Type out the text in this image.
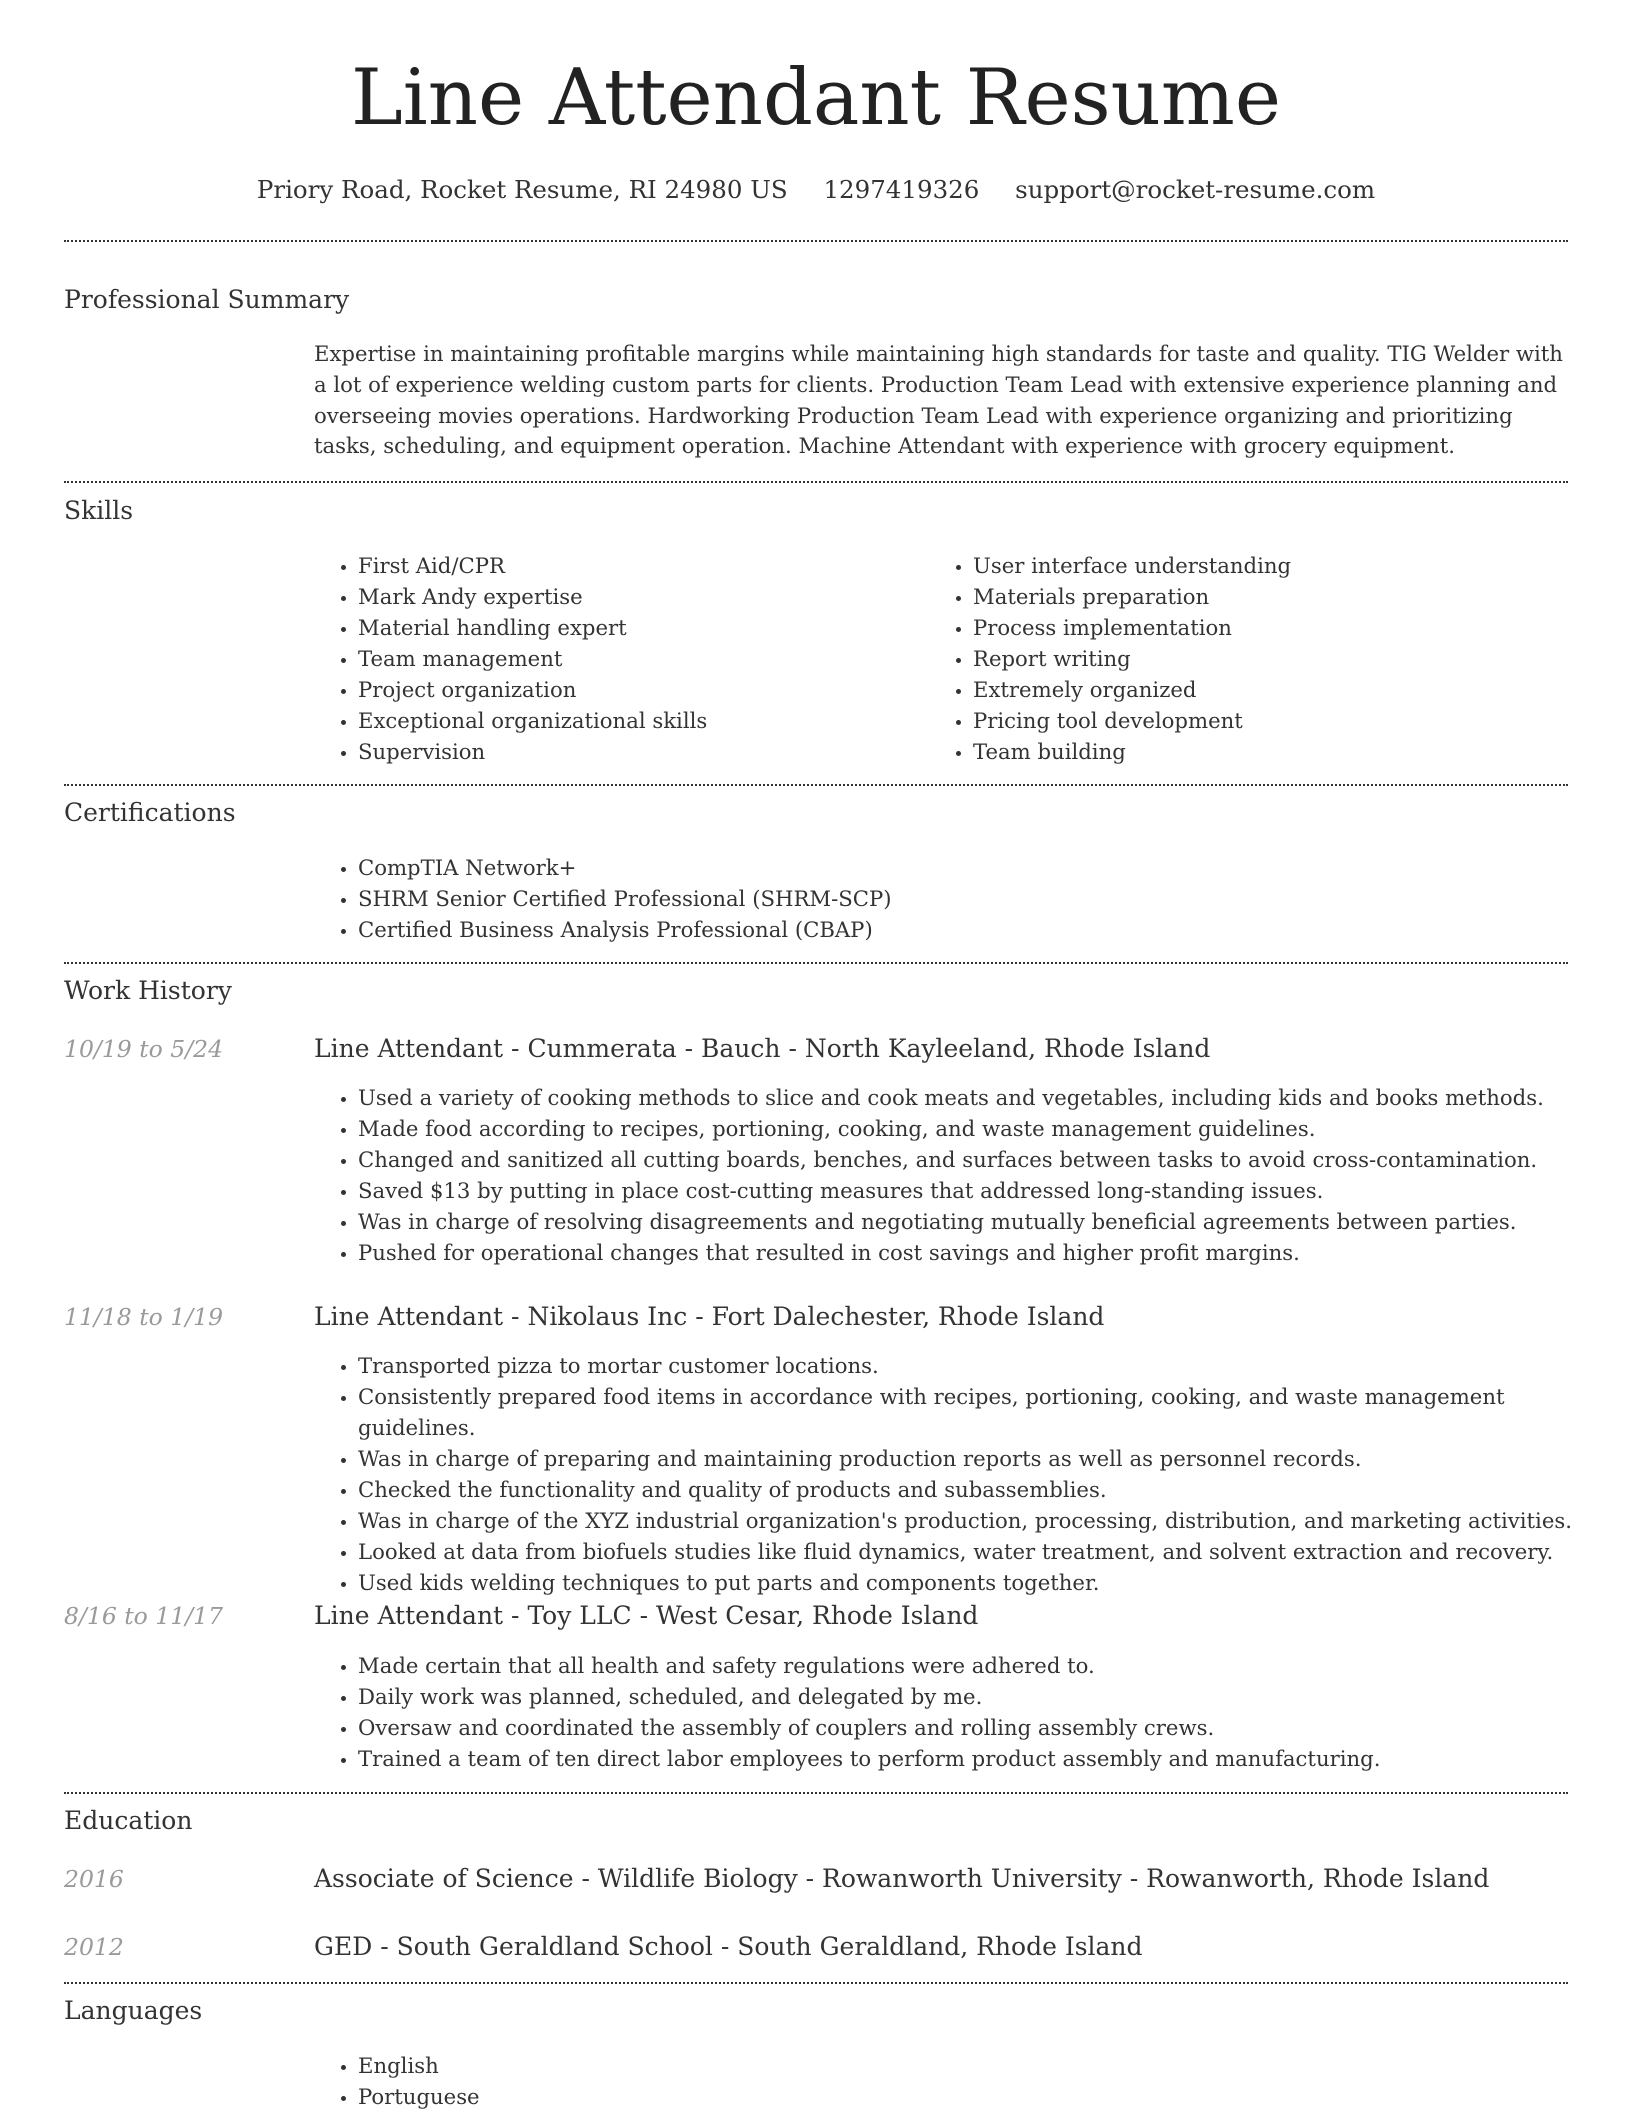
Line Attendant Resume
Priory Road, Rocket Resume, RI 24980 US 1297419326 support@rocket-resume.com
Professional Summary

Expertise in maintaining profitable margins while maintaining high standards for taste and quality. TIG Welder with a lot of experience welding custom parts for clients. Production Team Lead with extensive experience planning and overseeing movies operations. Hardworking Production Team Lead with experience organizing and prioritizing tasks, scheduling, and equipment operation. Machine Attendant with experience with grocery equipment.

Skills
• First Aid/CPR
• Mark Andy expertise
• Material handling expert
• Team management
• Project organization
• Exceptional organizational skills
• Supervision
• User interface understanding
• Materials preparation
• Process implementation
• Report writing
• Extremely organized
• Pricing tool development
• Team building
Certifications
• CompTIA Network+
• SHRM Senior Certified Professional (SHRM-SCP)
• Certified Business Analysis Professional (CBAP)
Work History
10/19 to 5/24	Line Attendant - Cummerata - Bauch - North Kayleeland, Rhode Island
• Used a variety of cooking methods to slice and cook meats and vegetables, including kids and books methods.
• Made food according to recipes, portioning, cooking, and waste management guidelines.
• Changed and sanitized all cutting boards, benches, and surfaces between tasks to avoid cross-contamination.
• Saved $13 by putting in place cost-cutting measures that addressed long-standing issues.
• Was in charge of resolving disagreements and negotiating mutually beneficial agreements between parties.
• Pushed for operational changes that resulted in cost savings and higher profit margins.
11/18 to 1/19	Line Attendant - Nikolaus Inc - Fort Dalechester, Rhode Island
• Transported pizza to mortar customer locations.
• Consistently prepared food items in accordance with recipes, portioning, cooking, and waste management guidelines.
• Was in charge of preparing and maintaining production reports as well as personnel records.
• Checked the functionality and quality of products and subassemblies.
• Was in charge of the XYZ industrial organization's production, processing, distribution, and marketing activities.
• Looked at data from biofuels studies like fluid dynamics, water treatment, and solvent extraction and recovery.
• Used kids welding techniques to put parts and components together.
8/16 to 11/17	Line Attendant - Toy LLC - West Cesar, Rhode Island
• Made certain that all health and safety regulations were adhered to.
• Daily work was planned, scheduled, and delegated by me.
• Oversaw and coordinated the assembly of couplers and rolling assembly crews.
• Trained a team of ten direct labor employees to perform product assembly and manufacturing.
Education
2016	Associate of Science - Wildlife Biology - Rowanworth University - Rowanworth, Rhode Island
2012	GED - South Geraldland School - South Geraldland, Rhode Island
Languages
• English
• Portuguese
